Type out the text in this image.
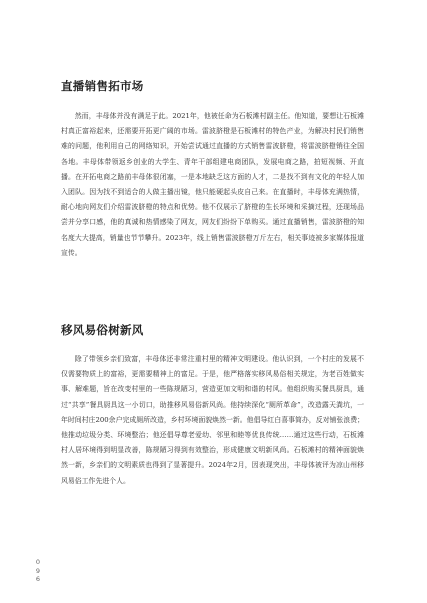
直播销售拓市场

然而，丰母体并没有满足于此。2021年，他被任命为石板滩村副主任。他知道，要想让石板滩村真正富裕起来，还需要开拓更广阔的市场。雷波脐橙是石板滩村的特色产业，为解决村民们销售难的问题，他利用自己的网络知识，开始尝试通过直播的方式销售雷波脐橙，将雷波脐橙销往全国各地。丰母体带领返乡创业的大学生、青年干部组建电商团队，发展电商之路，拍短视频、开直播。在开拓电商之路前丰母体很闭塞，一是本地缺乏这方面的人才，二是找不到有文化的年轻人加入团队。因为找不到适合的人做主播出镜，他只能硬起头皮自己来。在直播时，丰母体充满热情，耐心地向网友们介绍雷波脐橙的特点和优势。他不仅展示了脐橙的生长环境和采摘过程，还现场品尝并分享口感，他的真诚和热情感染了网友，网友们纷纷下单购买。通过直播销售，雷波脐橙的知名度大大提高，销量也节节攀升。2023年，线上销售雷波脐橙万斤左右，相关事迹被多家媒体报道宣传。

移风易俗树新风

除了带领乡亲们致富，丰母体还非常注重村里的精神文明建设。他认识到，一个村庄的发展不仅需要物质上的富裕，更需要精神上的富足。于是，他严格落实移风易俗相关规定，为老百姓做实事、解难题，旨在改变村里的一些陈规陋习，营造更加文明和谐的村风。他组织购买餐具厨具，通过“共享”餐具厨具这一小切口，助推移风易俗新风尚。他持续深化“厕所革命”，改造露天粪坑，一年时间村庄200余户完成厕所改造，乡村环境面貌焕然一新。他倡导红白喜事简办，反对铺张浪费；他推动垃圾分类、环境整治；他还倡导尊老爱幼、邻里和睦等优良传统……通过这些行动，石板滩村人居环境得到明显改善，陈规陋习得到有效整治，形成健康文明新风尚。石板滩村的精神面貌焕然一新，乡亲们的文明素质也得到了显著提升。2024年2月，因表现突出，丰母体被评为凉山州移风易俗工作先进个人。

096
